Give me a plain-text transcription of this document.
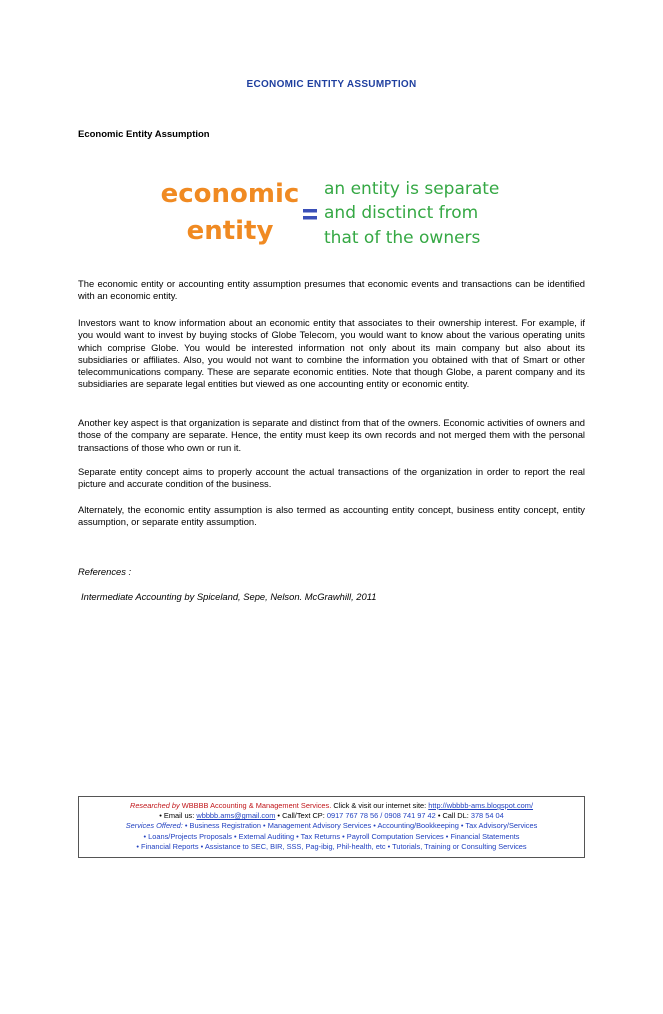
ECONOMIC ENTITY ASSUMPTION
Economic Entity Assumption
economic
entity
an entity is separate
and disctinct from
that of the owners
The economic entity or accounting entity assumption presumes that economic events and transactions can be identified with an economic entity.
Investors want to know information about an economic entity that associates to their ownership interest. For example, if you would want to invest by buying stocks of Globe Telecom, you would want to know about the various operating units which comprise Globe. You would be interested information not only about its main company but also about its subsidiaries or affiliates. Also, you would not want to combine the information you obtained with that of Smart or other telecommunications company. These are separate economic entities. Note that though Globe, a parent company and its subsidiaries are separate legal entities but viewed as one accounting entity or economic entity.
Another key aspect is that organization is separate and distinct from that of the owners. Economic activities of owners and those of the company are separate. Hence, the entity must keep its own records and not merged them with the personal transactions of those who own or run it.
Separate entity concept aims to properly account the actual transactions of the organization in order to report the real picture and accurate condition of the business.
Alternately, the economic entity assumption is also termed as accounting entity concept, business entity concept, entity assumption, or separate entity assumption.
References :
Intermediate Accounting by Spiceland, Sepe, Nelson. McGrawhill, 2011
Researched by WBBBB Accounting & Management Services. Click & visit our internet site: http://wbbbb-ams.blogspot.com/
• Email us: wbbbb.ams@gmail.com • Call/Text CP: 0917 767 78 56 / 0908 741 97 42 • Call DL: 378 54 04
Services Offered: • Business Registration • Management Advisory Services • Accounting/Bookkeeping • Tax Advisory/Services
• Loans/Projects Proposals • External Auditing • Tax Returns • Payroll Computation Services • Financial Statements
• Financial Reports • Assistance to SEC, BIR, SSS, Pag-ibig, Phil-health, etc • Tutorials, Training or Consulting Services
